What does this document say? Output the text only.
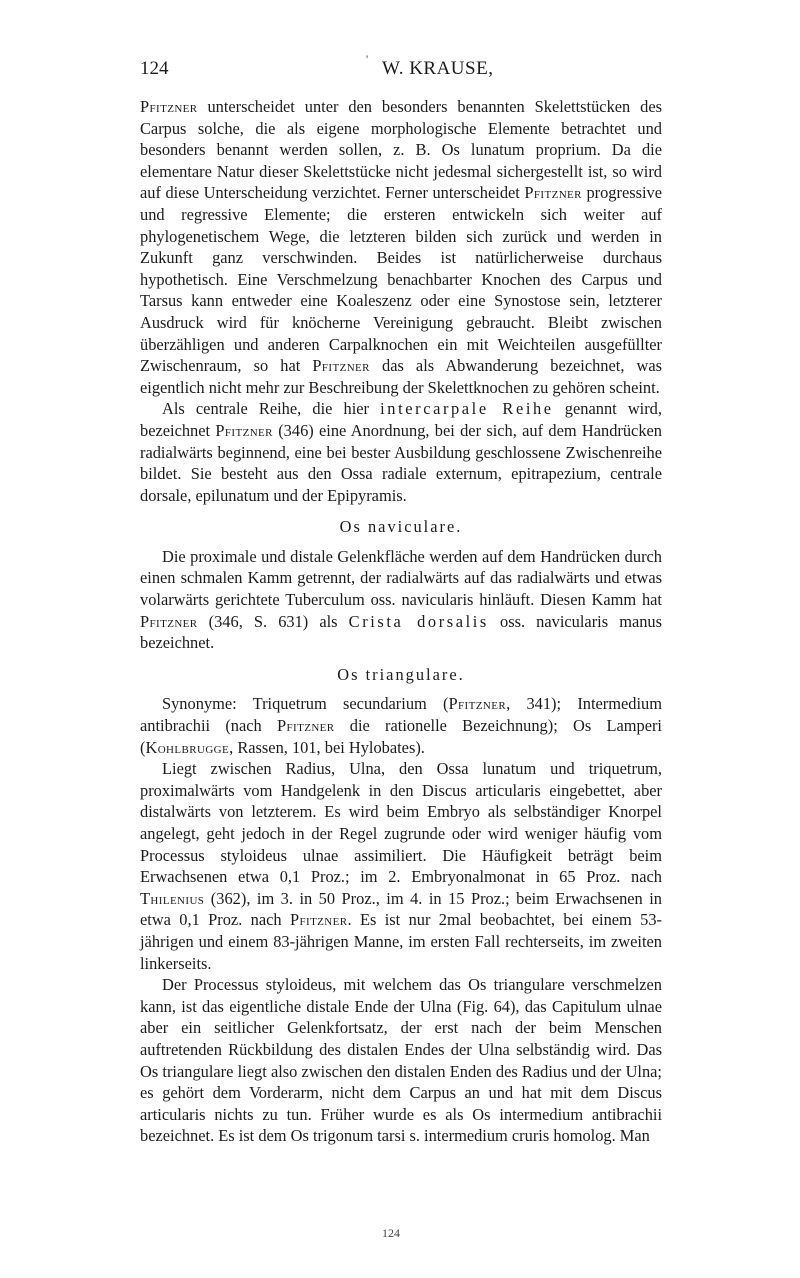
124	' W. KRAUSE,

Pfitzner unterscheidet unter den besonders benannten Skelettstücken des Carpus solche, die als eigene morphologische Elemente betrachtet und besonders benannt werden sollen, z. B. Os lunatum proprium. Da die elementare Natur dieser Skelettstücke nicht jedesmal sichergestellt ist, so wird auf diese Unterscheidung verzichtet. Ferner unterscheidet Pfitzner progressive und regressive Elemente; die ersteren entwickeln sich weiter auf phylogenetischem Wege, die letzteren bilden sich zurück und werden in Zukunft ganz verschwinden. Beides ist natürlicherweise durchaus hypothetisch. Eine Verschmelzung benachbarter Knochen des Carpus und Tarsus kann entweder eine Koaleszenz oder eine Synostose sein, letzterer Ausdruck wird für knöcherne Vereinigung gebraucht. Bleibt zwischen überzähligen und anderen Carpalknochen ein mit Weichteilen ausgefüllter Zwischenraum, so hat Pfitzner das als Abwanderung bezeichnet, was eigentlich nicht mehr zur Beschreibung der Skelettknochen zu gehören scheint.

Als centrale Reihe, die hier intercarpale Reihe genannt wird, bezeichnet Pfitzner (346) eine Anordnung, bei der sich, auf dem Handrücken radialwärts beginnend, eine bei bester Ausbildung geschlossene Zwischenreihe bildet. Sie besteht aus den Ossa radiale externum, epitrapezium, centrale dorsale, epilunatum und der Epipyramis.

Os naviculare.

Die proximale und distale Gelenkfläche werden auf dem Handrücken durch einen schmalen Kamm getrennt, der radialwärts auf das radialwärts und etwas volarwärts gerichtete Tuberculum oss. navicularis hinläuft. Diesen Kamm hat Pfitzner (346, S. 631) als Crista dorsalis oss. navicularis manus bezeichnet.

Os triangulare.

Synonyme: Triquetrum secundarium (Pfitzner, 341); Intermedium antibrachii (nach Pfitzner die rationelle Bezeichnung); Os Lamperi (Kohlbrugge, Rassen, 101, bei Hylobates).

Liegt zwischen Radius, Ulna, den Ossa lunatum und triquetrum, proximalwärts vom Handgelenk in den Discus articularis eingebettet, aber distalwärts von letzterem. Es wird beim Embryo als selbständiger Knorpel angelegt, geht jedoch in der Regel zugrunde oder wird weniger häufig vom Processus styloideus ulnae assimiliert. Die Häufigkeit beträgt beim Erwachsenen etwa 0,1 Proz.; im 2. Embryonalmonat in 65 Proz. nach Thilenius (362), im 3. in 50 Proz., im 4. in 15 Proz.; beim Erwachsenen in etwa 0,1 Proz. nach Pfitzner. Es ist nur 2mal beobachtet, bei einem 53-jährigen und einem 83-jährigen Manne, im ersten Fall rechterseits, im zweiten linkerseits.

Der Processus styloideus, mit welchem das Os triangulare verschmelzen kann, ist das eigentliche distale Ende der Ulna (Fig. 64), das Capitulum ulnae aber ein seitlicher Gelenkfortsatz, der erst nach der beim Menschen auftretenden Rückbildung des distalen Endes der Ulna selbständig wird. Das Os triangulare liegt also zwischen den distalen Enden des Radius und der Ulna; es gehört dem Vorderarm, nicht dem Carpus an und hat mit dem Discus articularis nichts zu tun. Früher wurde es als Os intermedium antibrachii bezeichnet. Es ist dem Os trigonum tarsi s. intermedium cruris homolog. Man

124
